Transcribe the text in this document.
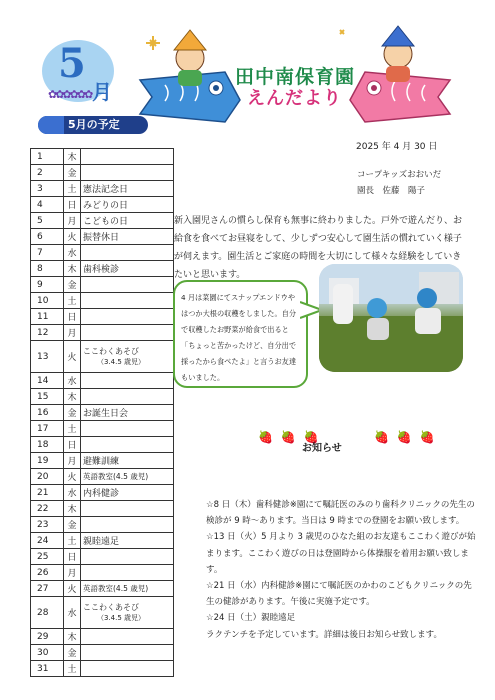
5
月
✿✿✿✿✿✿
5月の予定
田中南保育園
えんだより
1	木	
2	金	
3	土	憲法記念日
4	日	みどりの日
5	月	こどもの日
6	火	振替休日
7	水	
8	木	歯科検診
9	金	
10	土	
11	日	
12	月	
13	火	ここわくあそび
（3.4.5 歳児）

14	水	
15	木	
16	金	お誕生日会
17	土	
18	日	
19	月	避難訓練
20	火	英語教室(4.5 歳児)
21	水	内科健診
22	木	
23	金	
24	土	親睦遠足
25	日	
26	月	
27	火	英語教室(4.5 歳児)
28	水	ここわくあそび
（3.4.5 歳児）

29	木	
30	金	
31	土	
2025 年 4 月 30 日
コープキッズおおいだ
園長　佐藤　陽子
新入園児さんの慣らし保育も無事に終わりました。戸外で遊んだり、お給食を食べてお昼寝をして、少しずつ安心して園生活の慣れていく様子が伺えます。園生活とご家庭の時間を大切にして様々な経験をしていきたいと思います。
4 月は菜園にてスナップエンドウやはつか大根の収穫をしました。自分で収穫したお野菜が給食で出ると「ちょっと苦かったけど、自分出で採ったから食べたよ」と言うお友達もいました。
🍓 🍓 🍓　 　 　🍓 🍓 🍓
お知らせ

☆8 日（木）歯科健診※園にて嘱託医のみのり歯科クリニックの先生の検診が 9 時～あります。当日は 9 時までの登園をお願い致します。

☆13 日（火）5 月より 3 歳児のひなた組のお友達もここわく遊びが始まります。ここわく遊びの日は登園時から体操服を着用お願い致します。

☆21 日（水）内科健診※園にて嘱託医のかわのこどもクリニックの先生の健診があります。午後に実施予定です。

☆24 日（土）親睦遠足

ラクテンチを予定しています。詳細は後日お知らせ致します。
